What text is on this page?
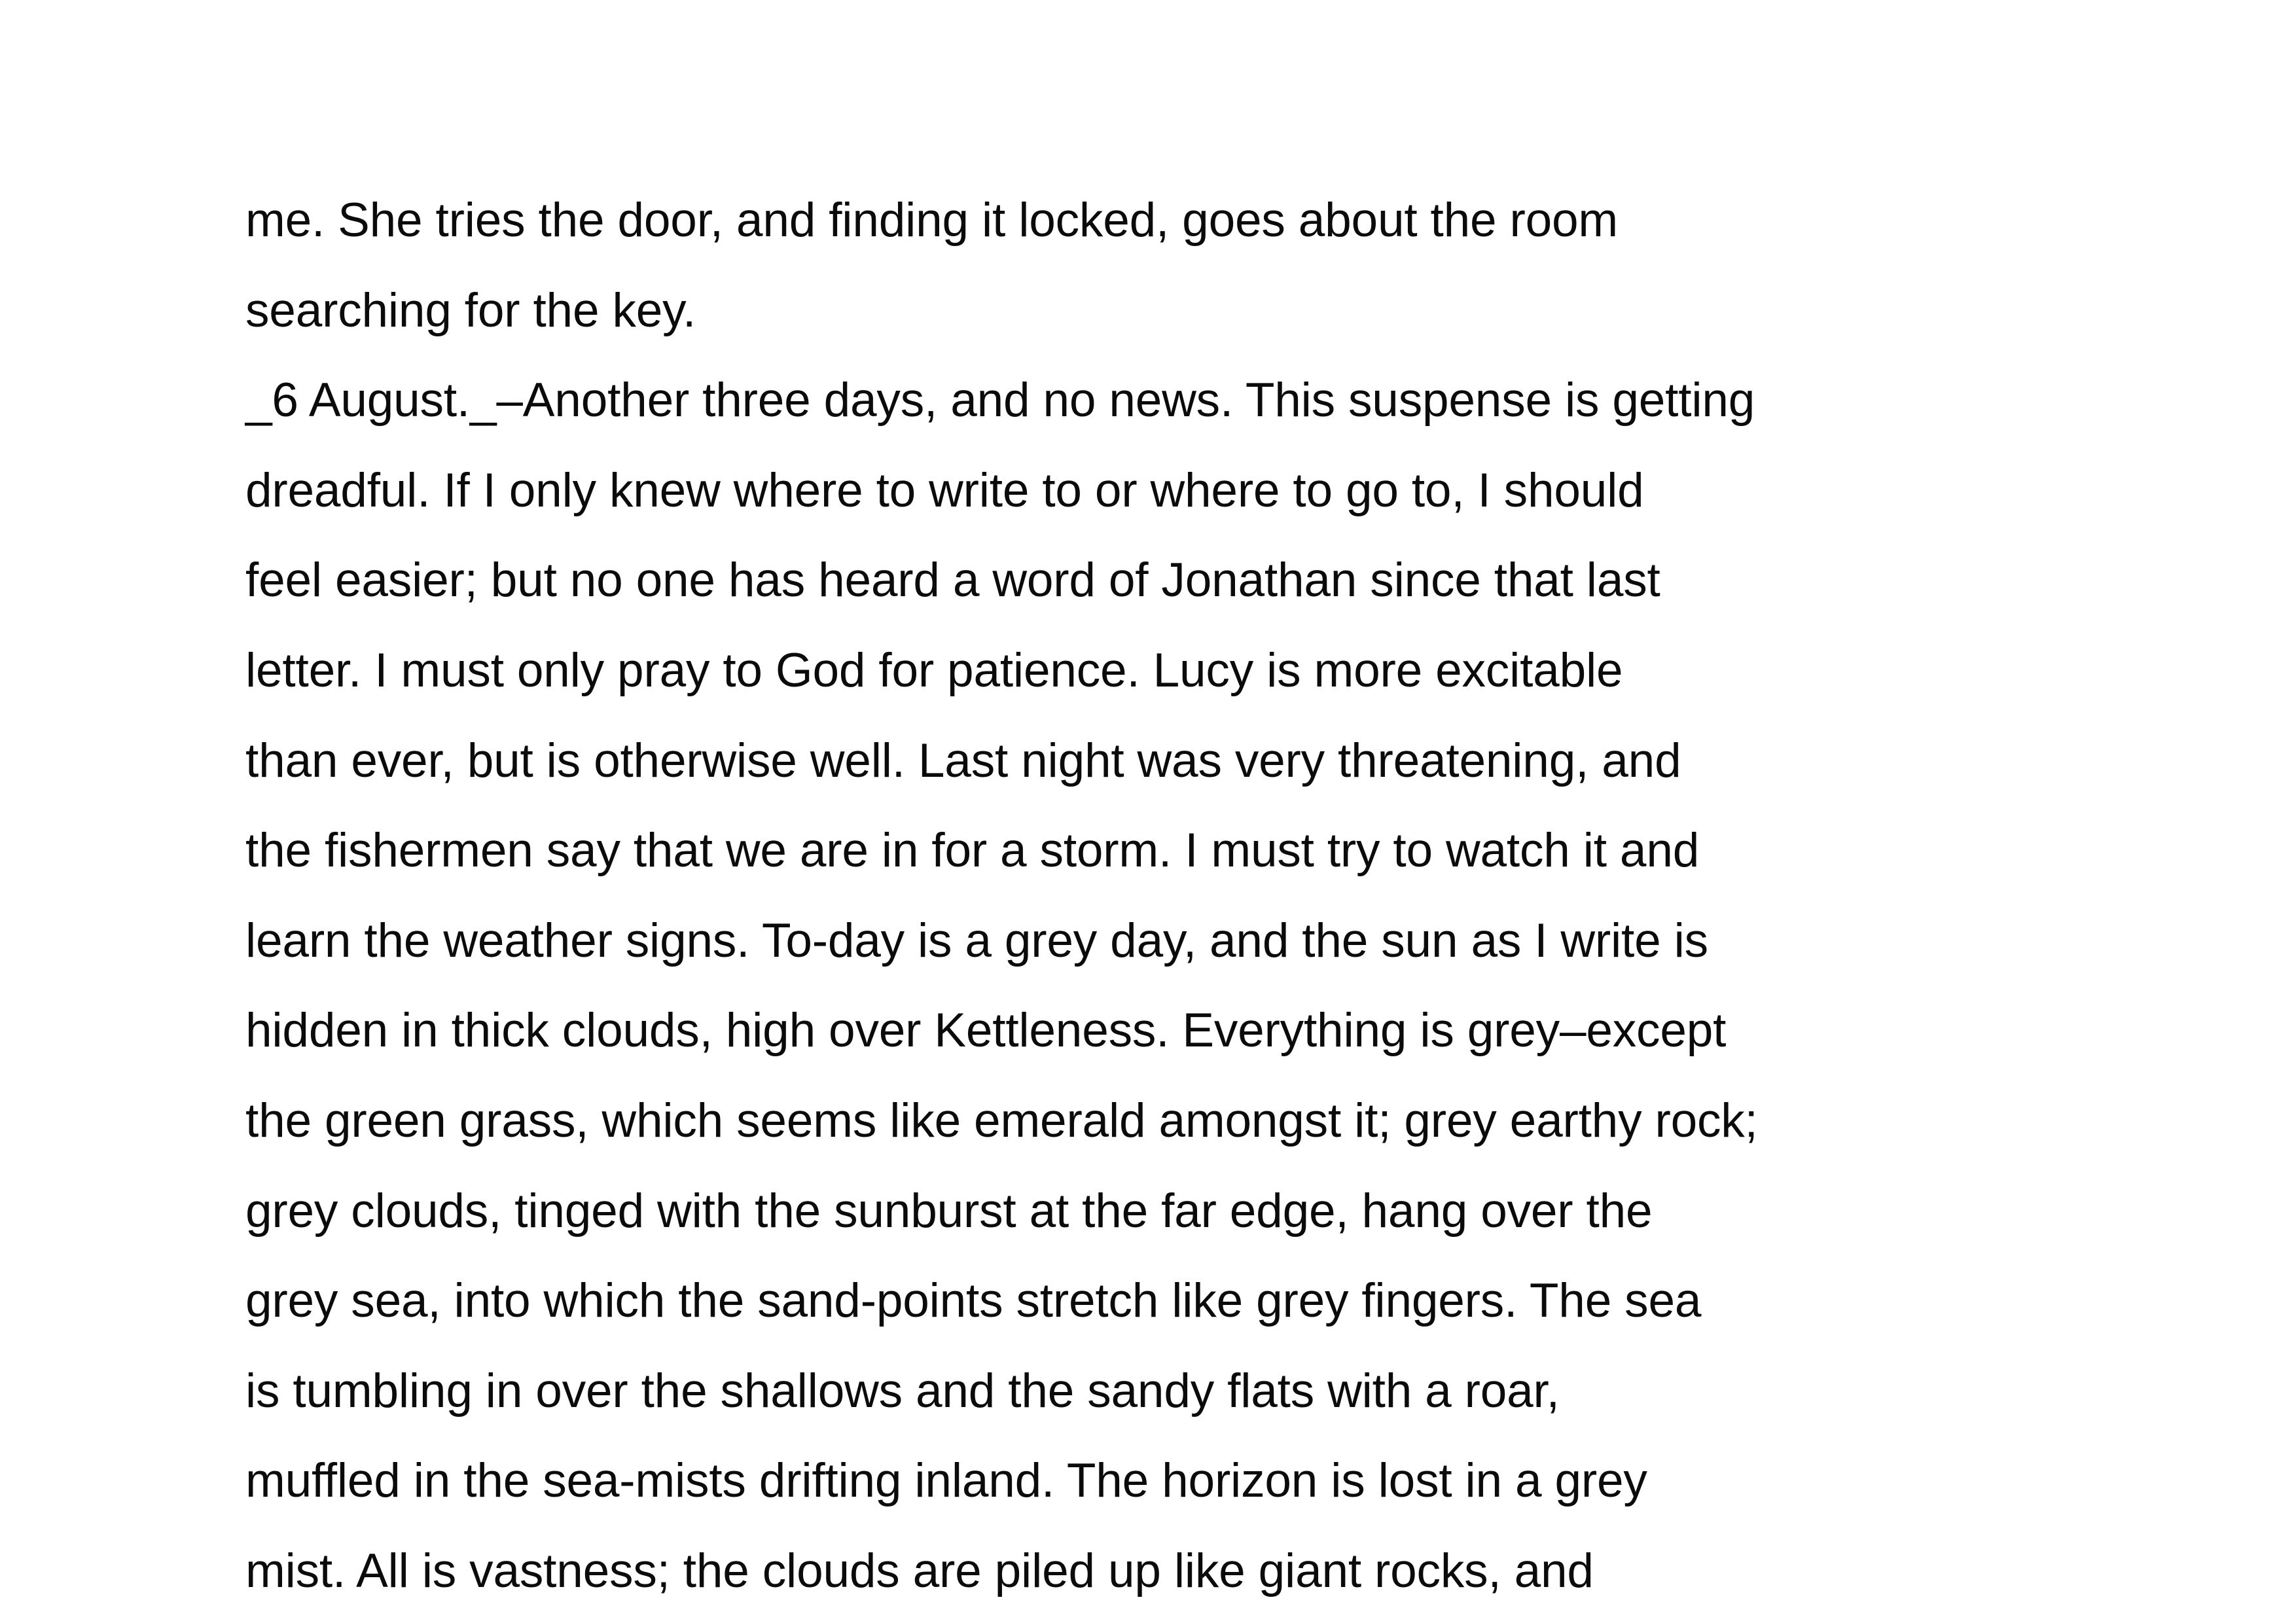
me. She tries the door, and finding it locked, goes about the room
searching for the key.
_6 August._–Another three days, and no news. This suspense is getting
dreadful. If I only knew where to write to or where to go to, I should
feel easier; but no one has heard a word of Jonathan since that last
letter. I must only pray to God for patience. Lucy is more excitable
than ever, but is otherwise well. Last night was very threatening, and
the fishermen say that we are in for a storm. I must try to watch it and
learn the weather signs. To-day is a grey day, and the sun as I write is
hidden in thick clouds, high over Kettleness. Everything is grey–except
the green grass, which seems like emerald amongst it; grey earthy rock;
grey clouds, tinged with the sunburst at the far edge, hang over the
grey sea, into which the sand-points stretch like grey fingers. The sea
is tumbling in over the shallows and the sandy flats with a roar,
muffled in the sea-mists drifting inland. The horizon is lost in a grey
mist. All is vastness; the clouds are piled up like giant rocks, and
